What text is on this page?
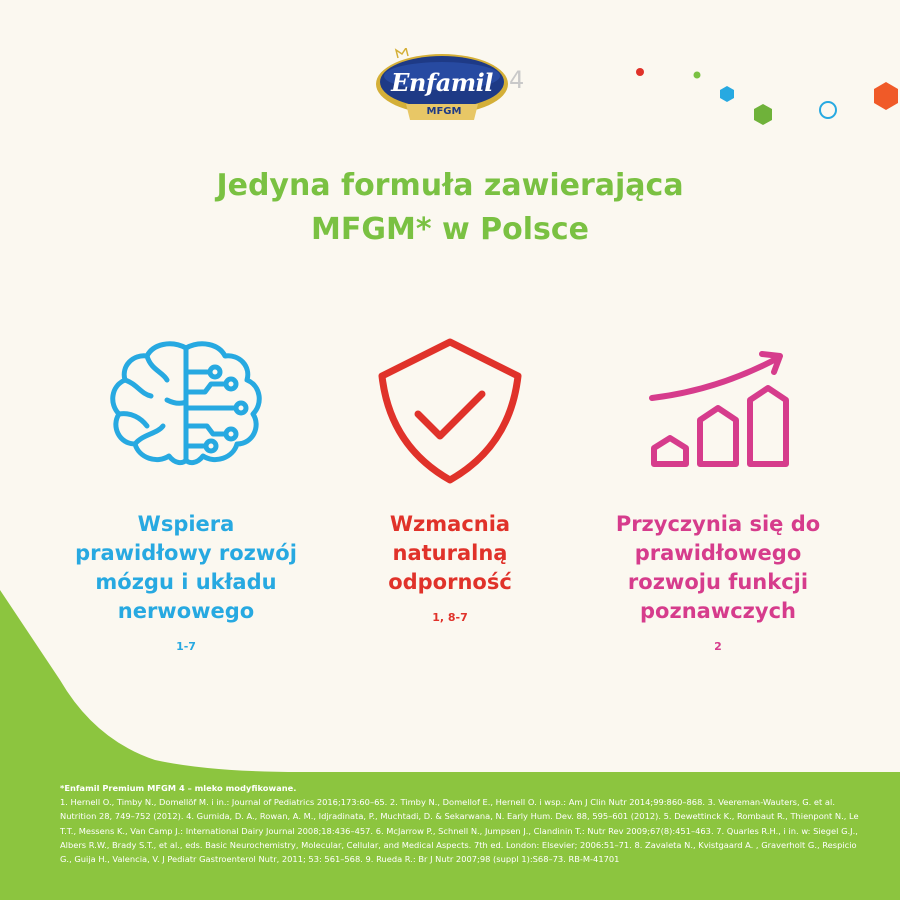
Enfamil
MFGM
4
Jedyna formuła zawierająca
MFGM* w Polsce
Wspiera
prawidłowy rozwój
mózgu i układu
nerwowego
1-7
Wzmacnia
naturalną
odporność
1, 8-7
Przyczynia się do
prawidłowego
rozwoju funkcji
poznawczych
2
*Enfamil Premium MFGM 4 – mleko modyfikowane.
1. Hernell O., Timby N., Domellöf M. i in.: Journal of Pediatrics 2016;173:60–65. 2. Timby N., Domellof E., Hernell O. i wsp.: Am J Clin Nutr 2014;99:860–868. 3. Veereman-Wauters, G. et al. Nutrition 28, 749–752 (2012). 4. Gurnida, D. A., Rowan, A. M., Idjradinata, P., Muchtadi, D. & Sekarwana, N. Early Hum. Dev. 88, 595–601 (2012). 5. Dewettinck K., Rombaut R., Thienpont N., Le T.T., Messens K., Van Camp J.: International Dairy Journal 2008;18:436–457. 6. McJarrow P., Schnell N., Jumpsen J., Clandinin T.: Nutr Rev 2009;67(8):451–463. 7. Quarles R.H., i in. w: Siegel G.J., Albers R.W., Brady S.T., et al., eds. Basic Neurochemistry, Molecular, Cellular, and Medical Aspects. 7th ed. London: Elsevier; 2006:51–71. 8. Zavaleta N., Kvistgaard A. , Graverholt G., Respicio G., Guija H., Valencia, V. J Pediatr Gastroenterol Nutr, 2011; 53: 561–568. 9. Rueda R.: Br J Nutr 2007;98 (suppl 1):S68–73. RB-M-41701
